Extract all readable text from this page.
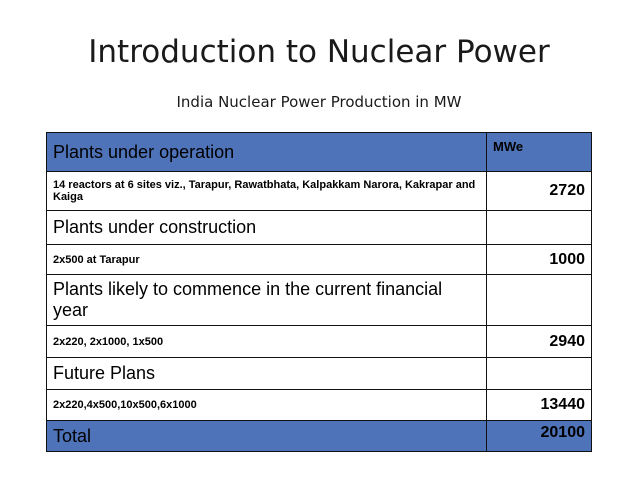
Introduction to Nuclear Power
India Nuclear Power Production in MW
Plants under operation	MWe
14 reactors at 6 sites viz., Tarapur, Rawatbhata, Kalpakkam Narora, Kakrapar and Kaiga	2720
Plants under construction	
2x500 at Tarapur	1000
Plants likely to commence in the current financial year	
2x220, 2x1000, 1x500	2940
Future Plans	
2x220,4x500,10x500,6x1000	13440
Total	20100
